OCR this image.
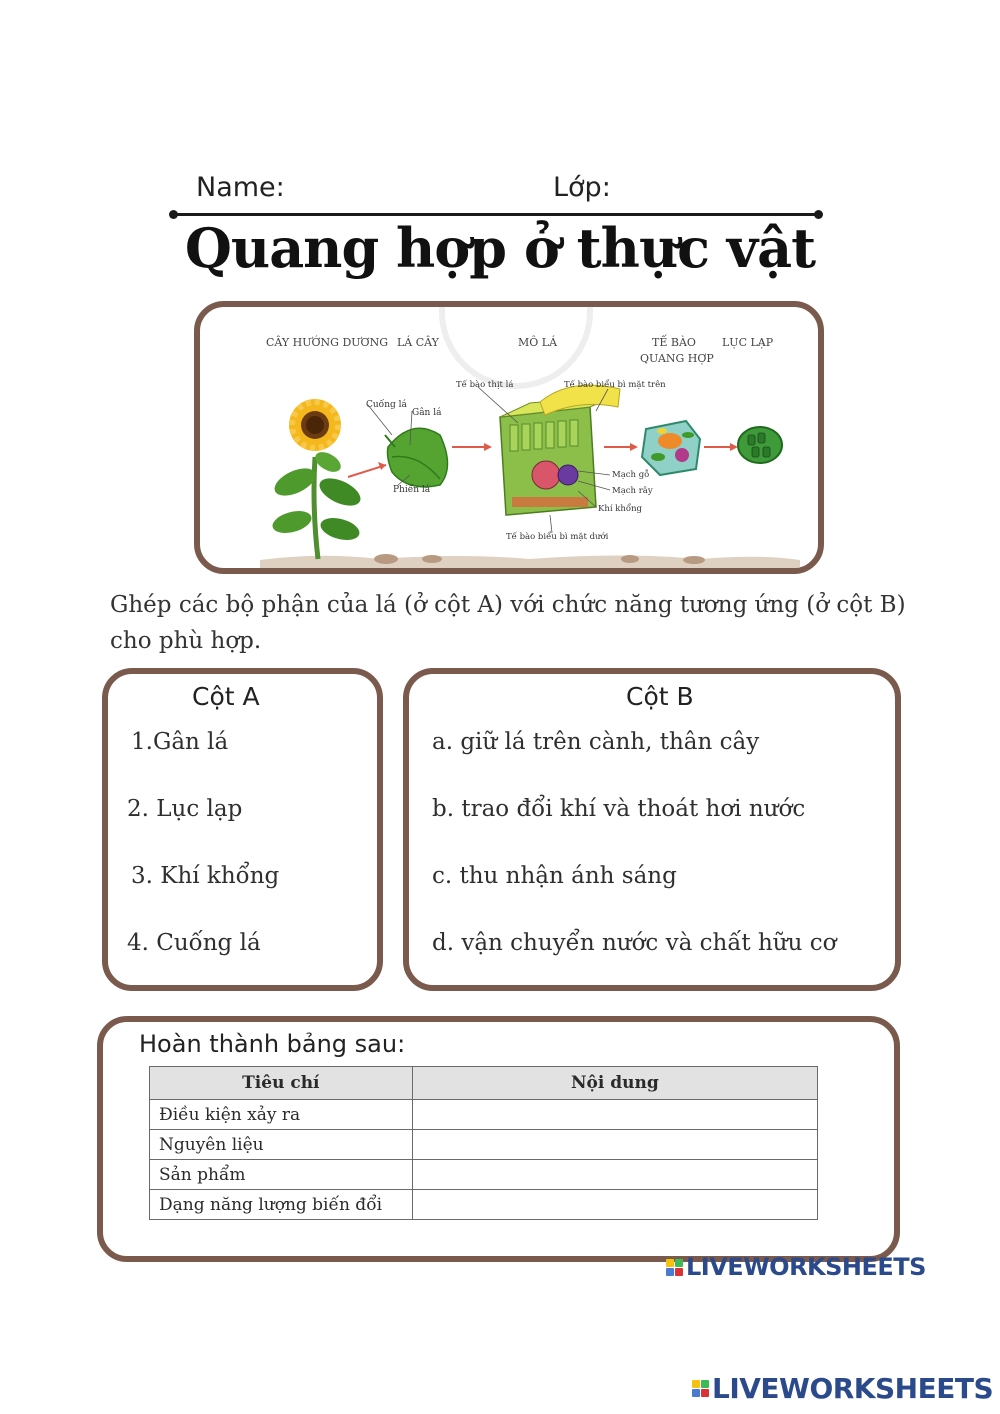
Name:	Lớp:
Quang hợp ở thực vật
CÂY HƯỚNG DƯƠNG LÁ CÂY	MÔ LÁ	TẾ BÀO
QUANG HỢP
LỤC LẠP
Cuống lá
Gân lá
Phiến lá
Tế bào thịt lá	Tế bào biểu bì mặt trên
Mạch gỗ
Mạch rây
Khí khổng
Tế bào biểu bì mặt dưới
Ghép các bộ phận của lá (ở cột A) với chức năng tương ứng (ở cột B) cho phù hợp.
Cột A
1.Gân lá
2. Lục lạp
3. Khí khổng
4. Cuống lá
Cột B
a. giữ lá trên cành, thân cây
b. trao đổi khí và thoát hơi nước
c. thu nhận ánh sáng
d. vận chuyển nước và chất hữu cơ
Hoàn thành bảng sau:
Tiêu chí	Nội dung
Điều kiện xảy ra	
Nguyên liệu	
Sản phẩm	
Dạng năng lượng biến đổi	
LIVEWORKSHEETS
LIVEWORKSHEETS
